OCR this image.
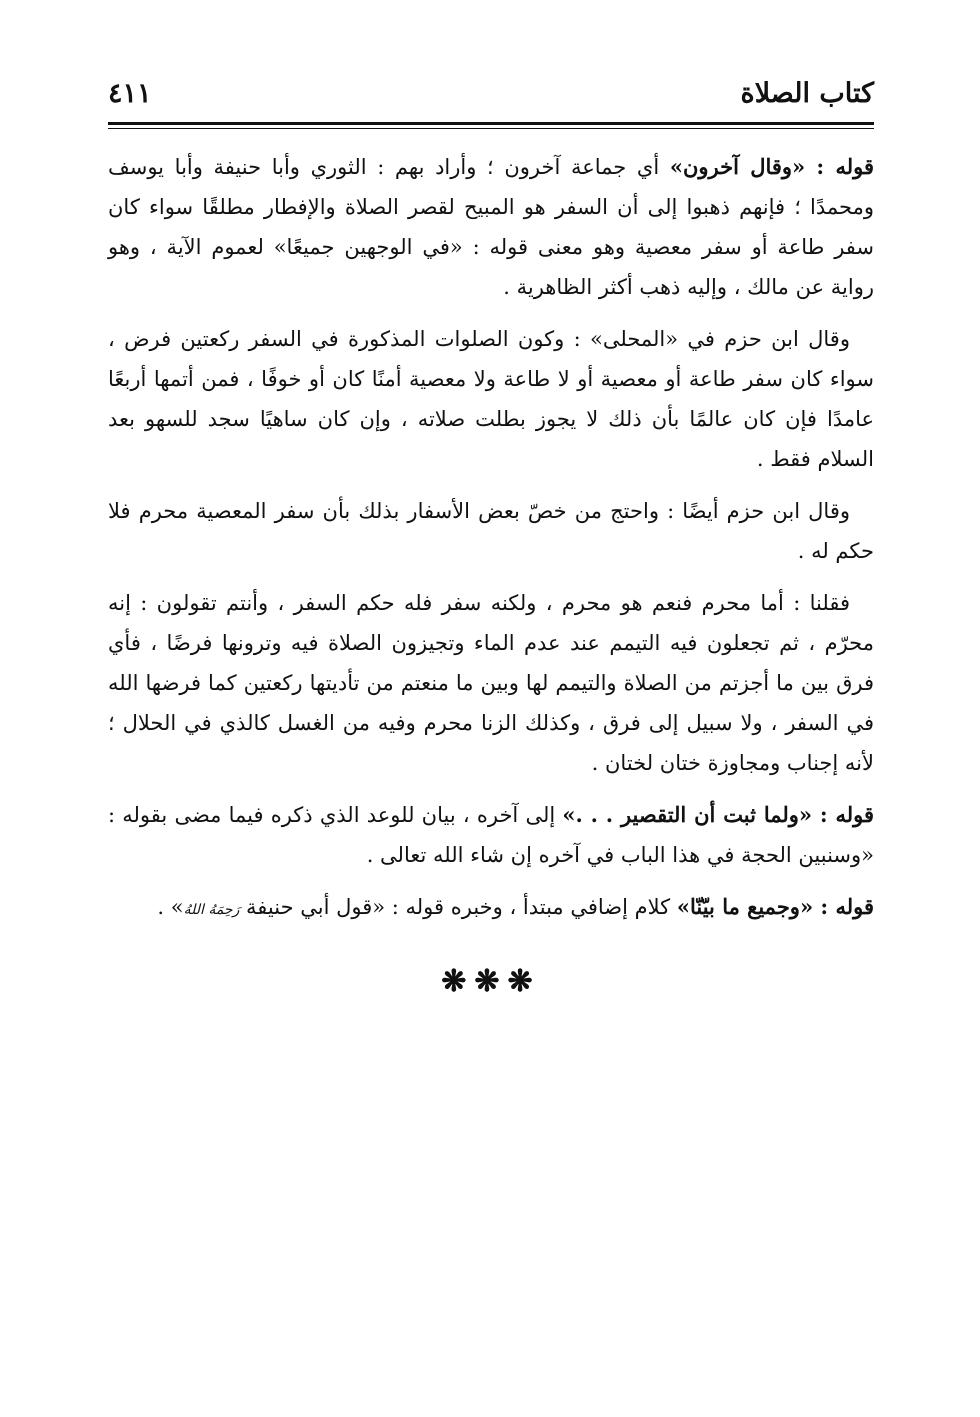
كتاب الصلاة
٤١١

قوله : «وقال آخرون» أي جماعة آخرون ؛ وأراد بهم : الثوري وأبا حنيفة وأبا يوسف ومحمدًا ؛ فإنهم ذهبوا إلى أن السفر هو المبيح لقصر الصلاة والإفطار مطلقًا سواء كان سفر طاعة أو سفر معصية وهو معنى قوله : «في الوجهين جميعًا» لعموم الآية ، وهو رواية عن مالك ، وإليه ذهب أكثر الظاهرية .

وقال ابن حزم في «المحلى» : وكون الصلوات المذكورة في السفر ركعتين فرض ، سواء كان سفر طاعة أو معصية أو لا طاعة ولا معصية أمنًا كان أو خوفًا ، فمن أتمها أربعًا عامدًا فإن كان عالمًا بأن ذلك لا يجوز بطلت صلاته ، وإن كان ساهيًا سجد للسهو بعد السلام فقط .

وقال ابن حزم أيضًا : واحتج من خصّ بعض الأسفار بذلك بأن سفر المعصية محرم فلا حكم له .

فقلنا : أما محرم فنعم هو محرم ، ولكنه سفر فله حكم السفر ، وأنتم تقولون : إنه محرّم ، ثم تجعلون فيه التيمم عند عدم الماء وتجيزون الصلاة فيه وترونها فرضًا ، فأي فرق بين ما أجزتم من الصلاة والتيمم لها وبين ما منعتم من تأديتها ركعتين كما فرضها الله في السفر ، ولا سبيل إلى فرق ، وكذلك الزنا محرم وفيه من الغسل كالذي في الحلال ؛ لأنه إجناب ومجاوزة ختان لختان .

قوله : «ولما ثبت أن التقصير . . .» إلى آخره ، بيان للوعد الذي ذكره فيما مضى بقوله : «وسنبين الحجة في هذا الباب في آخره إن شاء الله تعالى .

قوله : «وجميع ما بيّنّا» كلام إضافي مبتدأ ، وخبره قوله : «قول أبي حنيفة رَحِمَهُ اللهُ» .

❋❋❋
